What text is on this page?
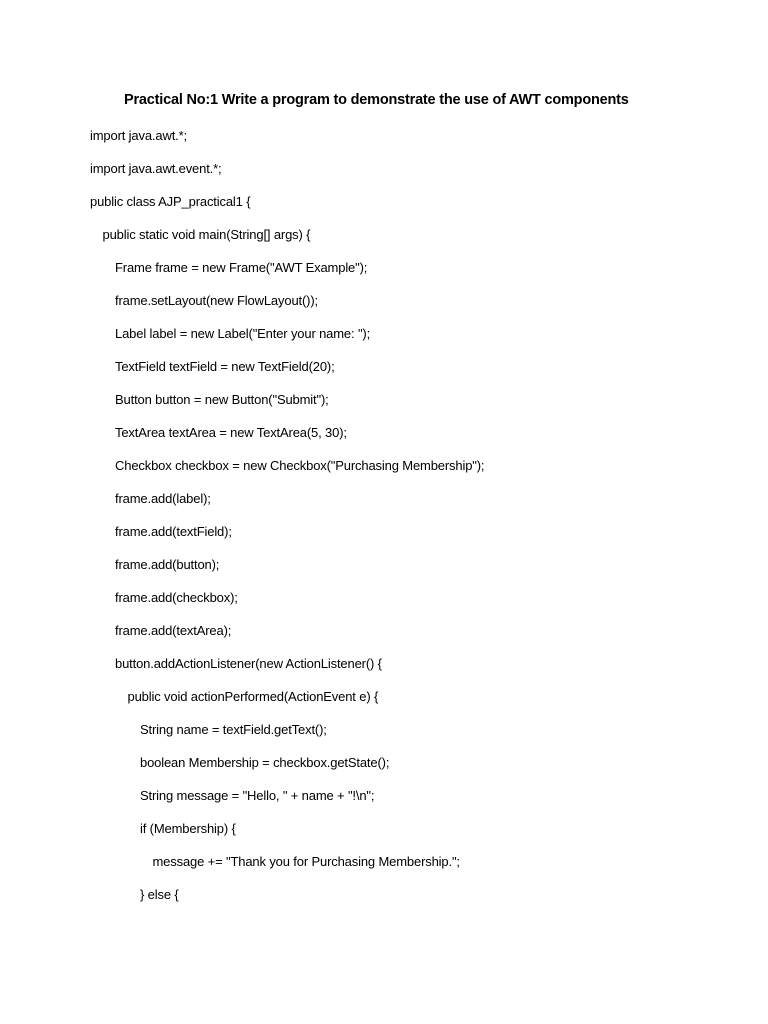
Practical No:1 Write a program to demonstrate the use of AWT components
import java.awt.*;
import java.awt.event.*;
public class AJP_practical1 {
public static void main(String[] args) {
Frame frame = new Frame("AWT Example");
frame.setLayout(new FlowLayout());
Label label = new Label("Enter your name: ");
TextField textField = new TextField(20);
Button button = new Button("Submit");
TextArea textArea = new TextArea(5, 30);
Checkbox checkbox = new Checkbox("Purchasing Membership");
frame.add(label);
frame.add(textField);
frame.add(button);
frame.add(checkbox);
frame.add(textArea);
button.addActionListener(new ActionListener() {
public void actionPerformed(ActionEvent e) {
String name = textField.getText();
boolean Membership = checkbox.getState();
String message = "Hello, " + name + "!\n";
if (Membership) {
message += "Thank you for Purchasing Membership.";
} else {
